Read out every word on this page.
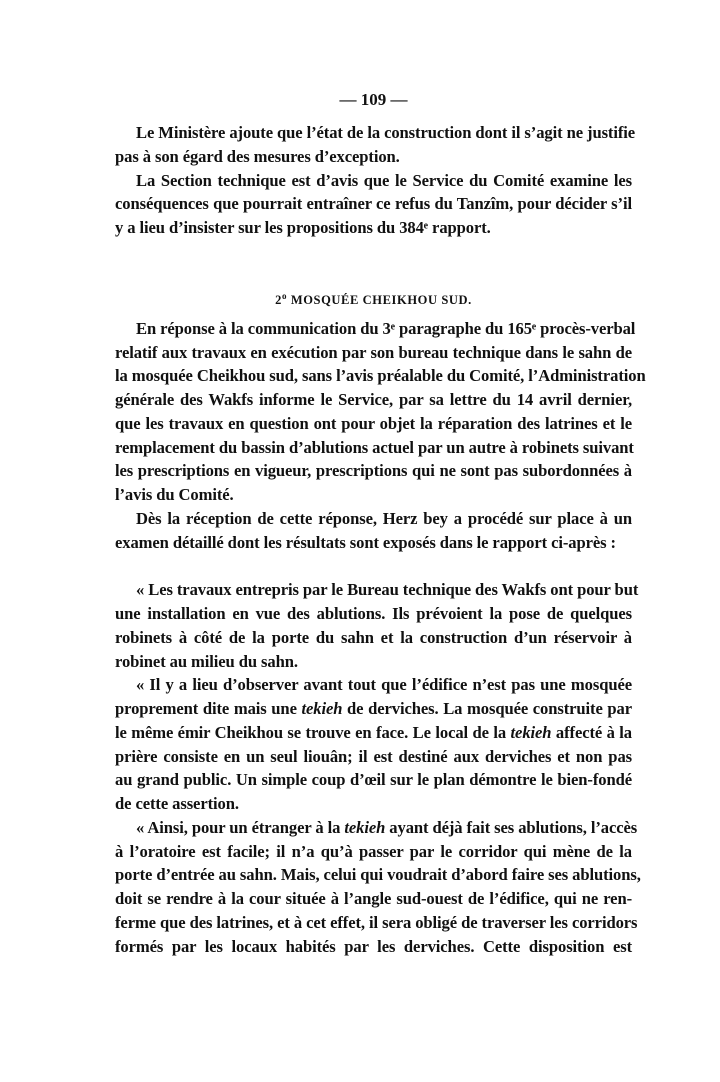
— 109 —
Le Ministère ajoute que l’état de la construction dont il s’agit ne justifie
pas à son égard des mesures d’exception.
La Section technique est d’avis que le Service du Comité examine les
conséquences que pourrait entraîner ce refus du Tanzîm, pour décider s’il
y a lieu d’insister sur les propositions du 384ᵉ rapport.
2$^o$ MOSQUÉE CHEIKHOU SUD.
En réponse à la communication du 3ᵉ paragraphe du 165ᵉ procès-verbal
relatif aux travaux en exécution par son bureau technique dans le sahn de
la mosquée Cheikhou sud, sans l’avis préalable du Comité, l’Administration
générale des Wakfs informe le Service, par sa lettre du 14 avril dernier,
que les travaux en question ont pour objet la réparation des latrines et le
remplacement du bassin d’ablutions actuel par un autre à robinets suivant
les prescriptions en vigueur, prescriptions qui ne sont pas subordonnées à
l’avis du Comité.
Dès la réception de cette réponse, Herz bey a procédé sur place à un
examen détaillé dont les résultats sont exposés dans le rapport ci-après :
« Les travaux entrepris par le Bureau technique des Wakfs ont pour but
une installation en vue des ablutions. Ils prévoient la pose de quelques
robinets à côté de la porte du sahn et la construction d’un réservoir à
robinet au milieu du sahn.
« Il y a lieu d’observer avant tout que l’édifice n’est pas une mosquée
proprement dite mais une tekieh de derviches. La mosquée construite par
le même émir Cheikhou se trouve en face. Le local de la tekieh affecté à la
prière consiste en un seul liouân; il est destiné aux derviches et non pas
au grand public. Un simple coup d’œil sur le plan démontre le bien-fondé
de cette assertion.
« Ainsi, pour un étranger à la tekieh ayant déjà fait ses ablutions, l’accès
à l’oratoire est facile; il n’a qu’à passer par le corridor qui mène de la
porte d’entrée au sahn. Mais, celui qui voudrait d’abord faire ses ablutions,
doit se rendre à la cour située à l’angle sud-ouest de l’édifice, qui ne ren-
ferme que des latrines, et à cet effet, il sera obligé de traverser les corridors
formés par les locaux habités par les derviches. Cette disposition est
